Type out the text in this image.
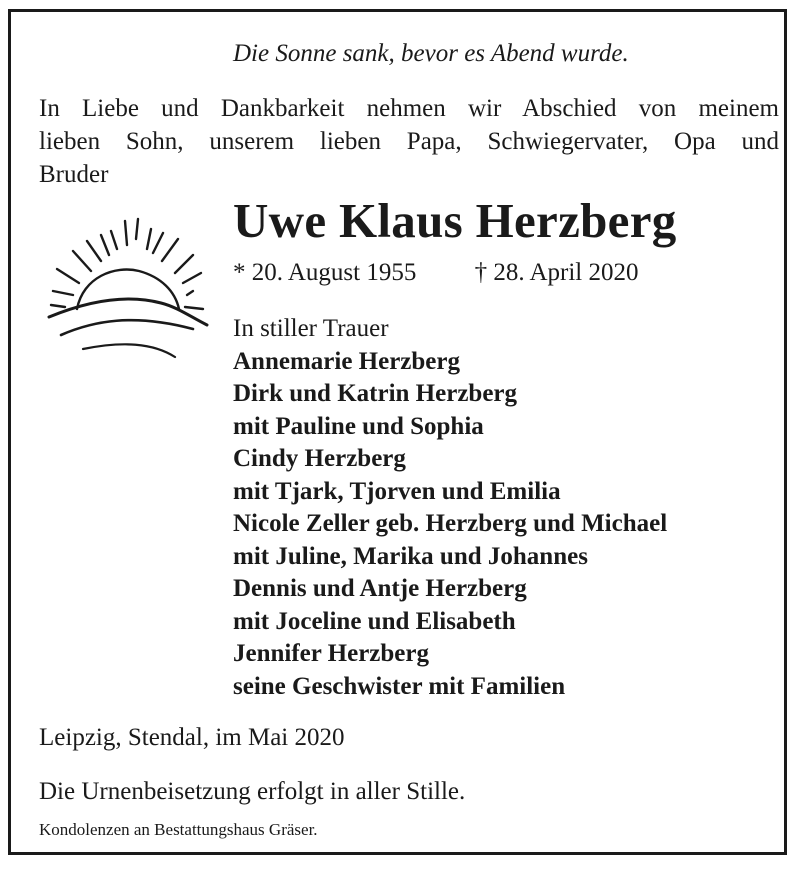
Die Sonne sank, bevor es Abend wurde.
In Liebe und Dankbarkeit nehmen wir Abschied von meinem
lieben Sohn, unserem lieben Papa, Schwiegervater, Opa und
Bruder
Uwe Klaus Herzberg
* 20. August 1955 † 28. April 2020
In stiller Trauer
Annemarie Herzberg
Dirk und Katrin Herzberg
mit Pauline und Sophia
Cindy Herzberg
mit Tjark, Tjorven und Emilia
Nicole Zeller geb. Herzberg und Michael
mit Juline, Marika und Johannes
Dennis und Antje Herzberg
mit Joceline und Elisabeth
Jennifer Herzberg
seine Geschwister mit Familien
Leipzig, Stendal, im Mai 2020
Die Urnenbeisetzung erfolgt in aller Stille.
Kondolenzen an Bestattungshaus Gräser.
